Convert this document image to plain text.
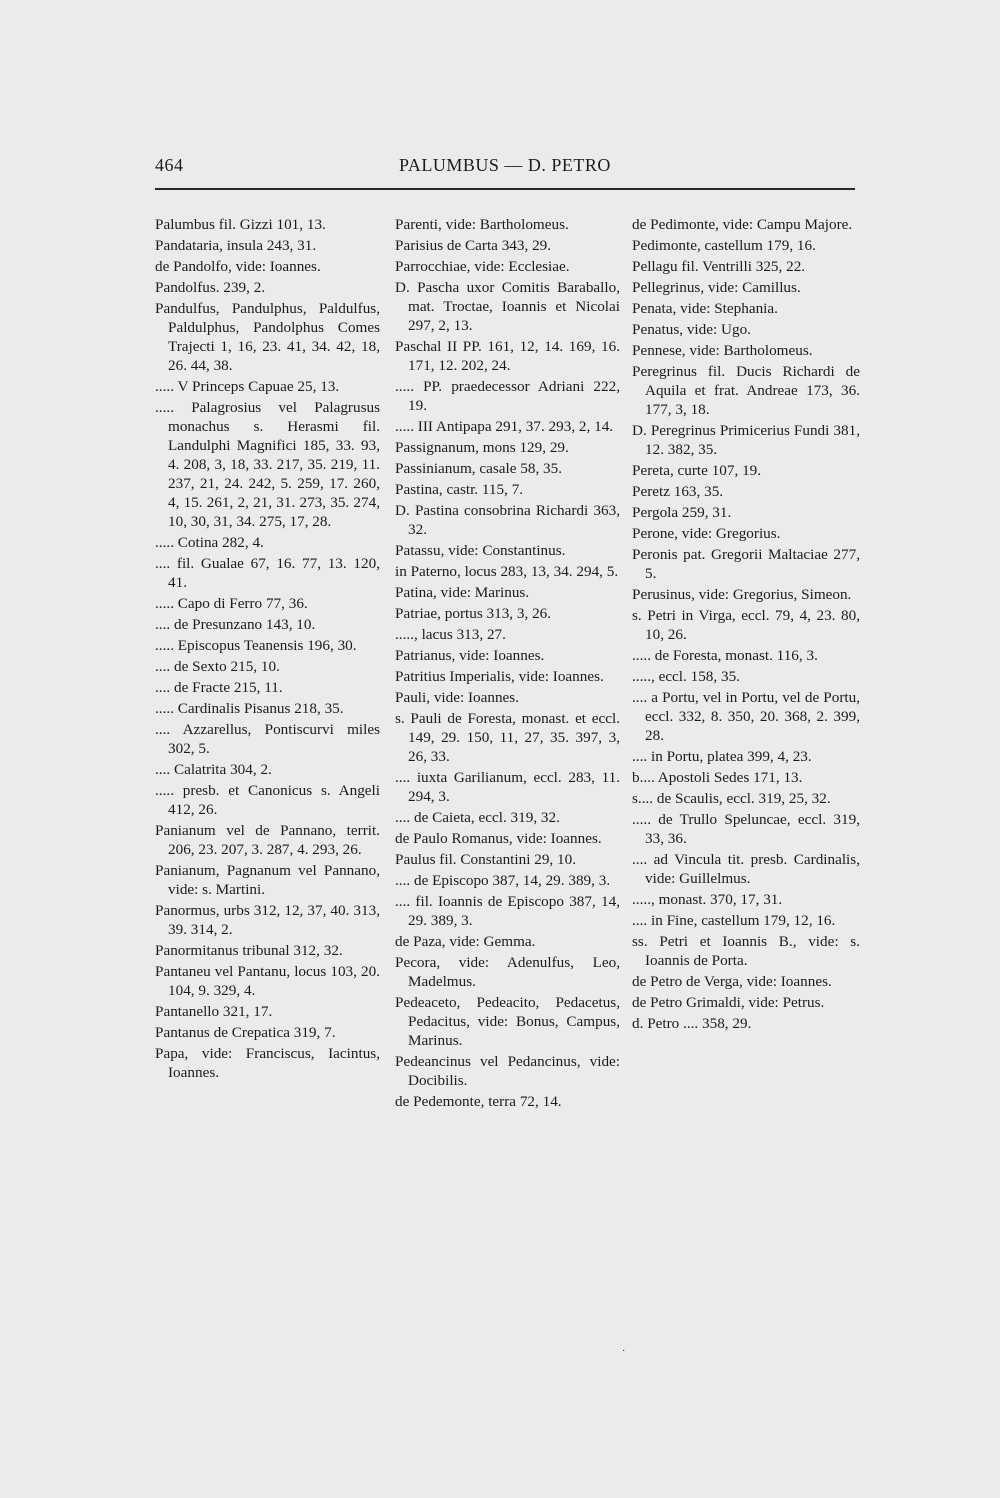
464	PALUMBUS — D. PETRO
Palumbus fil. Gizzi 101, 13.
Pandataria, insula 243, 31.
de Pandolfo, vide: Ioannes.
Pandolfus. 239, 2.
Pandulfus, Pandulphus, Paldulfus, Paldulphus, Pandolphus Comes Trajecti 1, 16, 23. 41, 34. 42, 18, 26. 44, 38.
..... V Princeps Capuae 25, 13.
..... Palagrosius vel Palagrusus monachus s. Herasmi fil. Landulphi Magnifici 185, 33. 93, 4. 208, 3, 18, 33. 217, 35. 219, 11. 237, 21, 24. 242, 5. 259, 17. 260, 4, 15. 261, 2, 21, 31. 273, 35. 274, 10, 30, 31, 34. 275, 17, 28.
..... Cotina 282, 4.
.... fil. Gualae 67, 16. 77, 13. 120, 41.
..... Capo di Ferro 77, 36.
.... de Presunzano 143, 10.
..... Episcopus Teanensis 196, 30.
.... de Sexto 215, 10.
.... de Fracte 215, 11.
..... Cardinalis Pisanus 218, 35.
.... Azzarellus, Pontiscurvi miles 302, 5.
.... Calatrita 304, 2.
..... presb. et Canonicus s. Angeli 412, 26.
Panianum vel de Pannano, territ. 206, 23. 207, 3. 287, 4. 293, 26.
Panianum, Pagnanum vel Pannano, vide: s. Martini.
Panormus, urbs 312, 12, 37, 40. 313, 39. 314, 2.
Panormitanus tribunal 312, 32.
Pantaneu vel Pantanu, locus 103, 20. 104, 9. 329, 4.
Pantanello 321, 17.
Pantanus de Crepatica 319, 7.
Papa, vide: Franciscus, Iacintus, Ioannes.
Parenti, vide: Bartholomeus.
Parisius de Carta 343, 29.
Parrocchiae, vide: Ecclesiae.
D. Pascha uxor Comitis Baraballo, mat. Troctae, Ioannis et Nicolai 297, 2, 13.
Paschal II PP. 161, 12, 14. 169, 16. 171, 12. 202, 24.
..... PP. praedecessor Adriani 222, 19.
..... III Antipapa 291, 37. 293, 2, 14.
Passignanum, mons 129, 29.
Passinianum, casale 58, 35.
Pastina, castr. 115, 7.
D. Pastina consobrina Richardi 363, 32.
Patassu, vide: Constantinus.
in Paterno, locus 283, 13, 34. 294, 5.
Patina, vide: Marinus.
Patriae, portus 313, 3, 26.
....., lacus 313, 27.
Patrianus, vide: Ioannes.
Patritius Imperialis, vide: Ioannes.
Pauli, vide: Ioannes.
s. Pauli de Foresta, monast. et eccl. 149, 29. 150, 11, 27, 35. 397, 3, 26, 33.
.... iuxta Garilianum, eccl. 283, 11. 294, 3.
.... de Caieta, eccl. 319, 32.
de Paulo Romanus, vide: Ioannes.
Paulus fil. Constantini 29, 10.
.... de Episcopo 387, 14, 29. 389, 3.
.... fil. Ioannis de Episcopo 387, 14, 29. 389, 3.
de Paza, vide: Gemma.
Pecora, vide: Adenulfus, Leo, Madelmus.
Pedeaceto, Pedeacito, Pedacetus, Pedacitus, vide: Bonus, Campus, Marinus.
Pedeancinus vel Pedancinus, vide: Docibilis.
de Pedemonte, terra 72, 14.
de Pedimonte, vide: Campu Majore.
Pedimonte, castellum 179, 16.
Pellagu fil. Ventrilli 325, 22.
Pellegrinus, vide: Camillus.
Penata, vide: Stephania.
Penatus, vide: Ugo.
Pennese, vide: Bartholomeus.
Peregrinus fil. Ducis Richardi de Aquila et frat. Andreae 173, 36. 177, 3, 18.
D. Peregrinus Primicerius Fundi 381, 12. 382, 35.
Pereta, curte 107, 19.
Peretz 163, 35.
Pergola 259, 31.
Perone, vide: Gregorius.
Peronis pat. Gregorii Maltaciae 277, 5.
Perusinus, vide: Gregorius, Simeon.
s. Petri in Virga, eccl. 79, 4, 23. 80, 10, 26.
..... de Foresta, monast. 116, 3.
....., eccl. 158, 35.
.... a Portu, vel in Portu, vel de Portu, eccl. 332, 8. 350, 20. 368, 2. 399, 28.
.... in Portu, platea 399, 4, 23.
b.... Apostoli Sedes 171, 13.
s.... de Scaulis, eccl. 319, 25, 32.
..... de Trullo Speluncae, eccl. 319, 33, 36.
.... ad Vincula tit. presb. Cardinalis, vide: Guillelmus.
....., monast. 370, 17, 31.
.... in Fine, castellum 179, 12, 16.
ss. Petri et Ioannis B., vide: s. Ioannis de Porta.
de Petro de Verga, vide: Ioannes.
de Petro Grimaldi, vide: Petrus.
d. Petro .... 358, 29.
·
